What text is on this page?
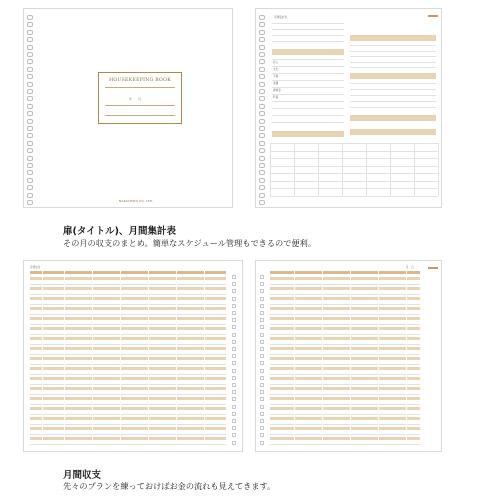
HOUSEKEEPING BOOK
年　　月
NAKAYOSHI CO.,LTD.
月間集計表
収入
支出
予算
差額
繰越金
貯蓄
扉(タイトル)、月間集計表
その月の収支のまとめ。簡単なスケジュール管理もできるので便利。
月間収支	月　日
月間収支
先々のプランを練っておけばお金の流れも見えてきます。
